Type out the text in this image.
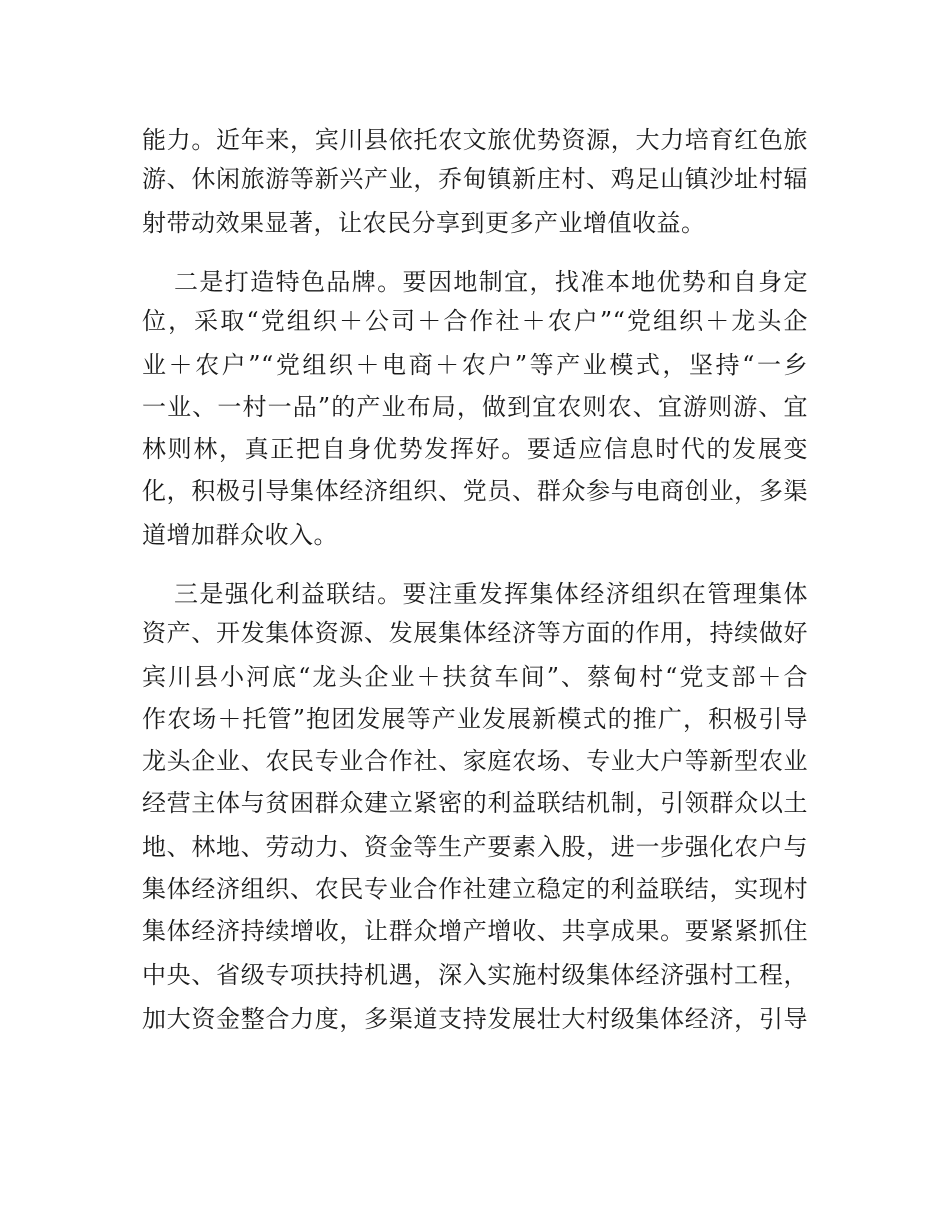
能力。近年来，宾川县依托农文旅优势资源，大力培育红色旅

游、休闲旅游等新兴产业，乔甸镇新庄村、鸡足山镇沙址村辐

射带动效果显著，让农民分享到更多产业增值收益。

二是打造特色品牌。要因地制宜，找准本地优势和自身定

位，采取“党组织＋公司＋合作社＋农户”“党组织＋龙头企

业＋农户”“党组织＋电商＋农户”等产业模式，坚持“一乡

一业、一村一品”的产业布局，做到宜农则农、宜游则游、宜

林则林，真正把自身优势发挥好。要适应信息时代的发展变

化，积极引导集体经济组织、党员、群众参与电商创业，多渠

道增加群众收入。

三是强化利益联结。要注重发挥集体经济组织在管理集体

资产、开发集体资源、发展集体经济等方面的作用，持续做好

宾川县小河底“龙头企业＋扶贫车间”、蔡甸村“党支部＋合

作农场＋托管”抱团发展等产业发展新模式的推广，积极引导

龙头企业、农民专业合作社、家庭农场、专业大户等新型农业

经营主体与贫困群众建立紧密的利益联结机制，引领群众以土

地、林地、劳动力、资金等生产要素入股，进一步强化农户与

集体经济组织、农民专业合作社建立稳定的利益联结，实现村

集体经济持续增收，让群众增产增收、共享成果。要紧紧抓住

中央、省级专项扶持机遇，深入实施村级集体经济强村工程，

加大资金整合力度，多渠道支持发展壮大村级集体经济，引导
